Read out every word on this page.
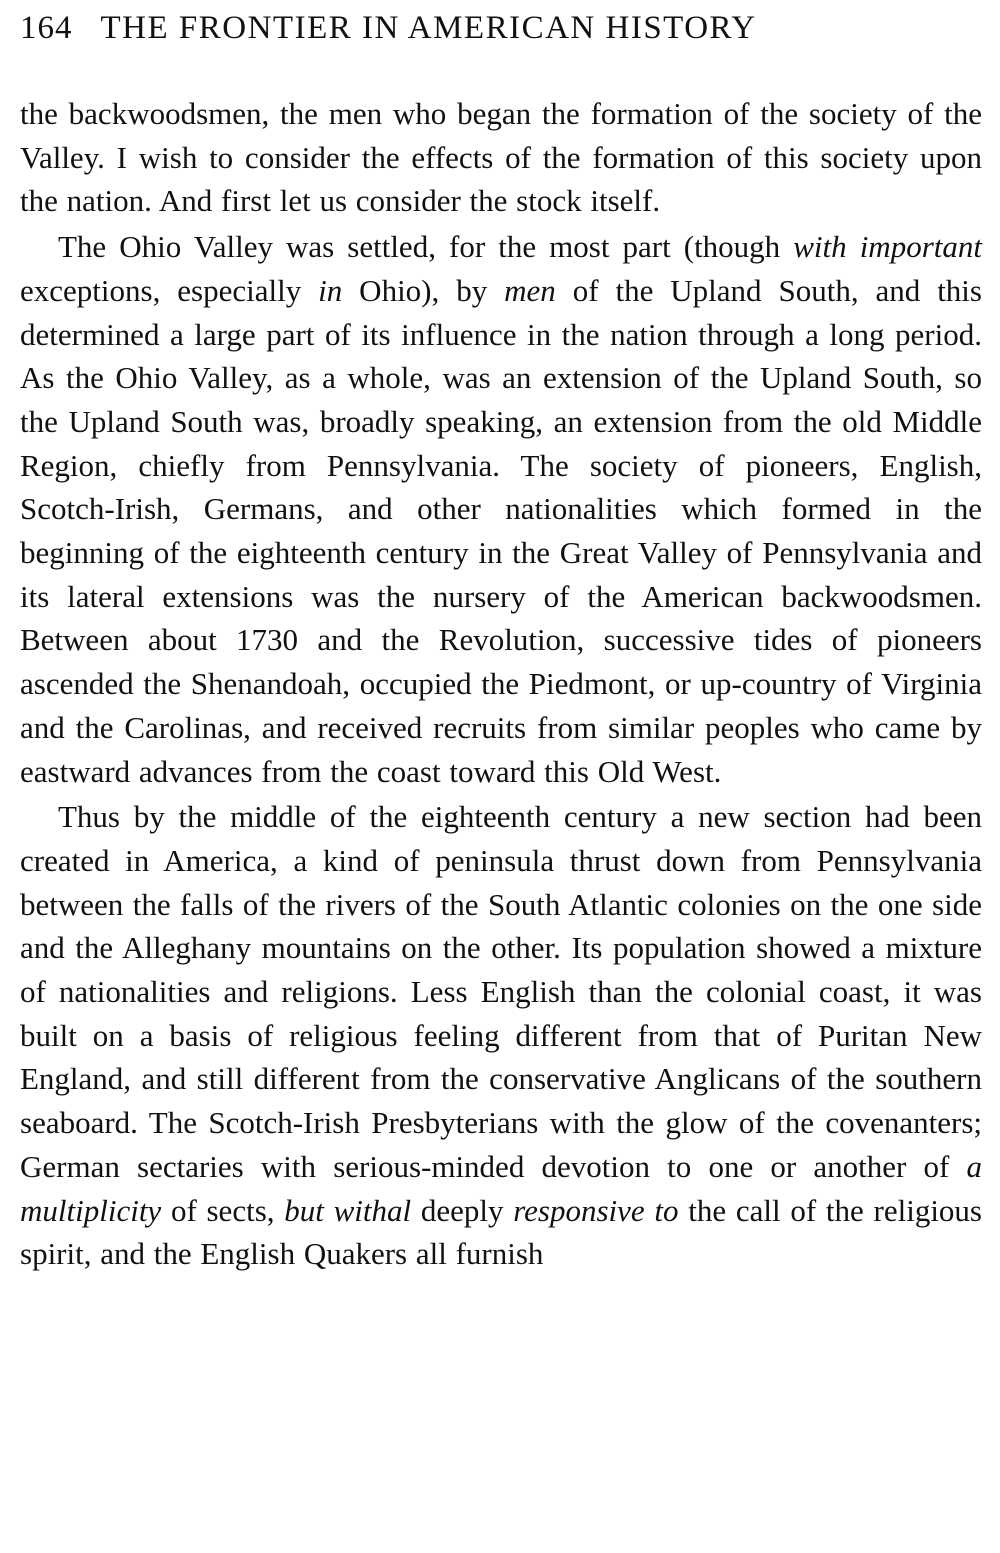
164 THE FRONTIER IN AMERICAN HISTORY

the backwoodsmen, the men who began the formation of the society of the Valley. I wish to consider the effects of the formation of this society upon the nation. And first let us consider the stock itself.

The Ohio Valley was settled, for the most part (though with important exceptions, especially in Ohio), by men of the Upland South, and this determined a large part of its influence in the nation through a long period. As the Ohio Valley, as a whole, was an extension of the Upland South, so the Upland South was, broadly speaking, an extension from the old Middle Region, chiefly from Pennsylvania. The society of pioneers, English, Scotch-Irish, Germans, and other nationalities which formed in the beginning of the eighteenth century in the Great Valley of Pennsylvania and its lateral extensions was the nursery of the American backwoodsmen. Between about 1730 and the Revolution, successive tides of pioneers ascended the Shenandoah, occupied the Piedmont, or up-country of Virginia and the Carolinas, and received recruits from similar peoples who came by eastward advances from the coast toward this Old West.

Thus by the middle of the eighteenth century a new section had been created in America, a kind of peninsula thrust down from Pennsylvania between the falls of the rivers of the South Atlantic colonies on the one side and the Alleghany mountains on the other. Its population showed a mixture of nationalities and religions. Less English than the colonial coast, it was built on a basis of religious feeling different from that of Puritan New England, and still different from the conservative Anglicans of the southern seaboard. The Scotch-Irish Presbyterians with the glow of the covenanters; German sectaries with serious-minded devotion to one or another of a multiplicity of sects, but withal deeply responsive to the call of the religious spirit, and the English Quakers all furnish
